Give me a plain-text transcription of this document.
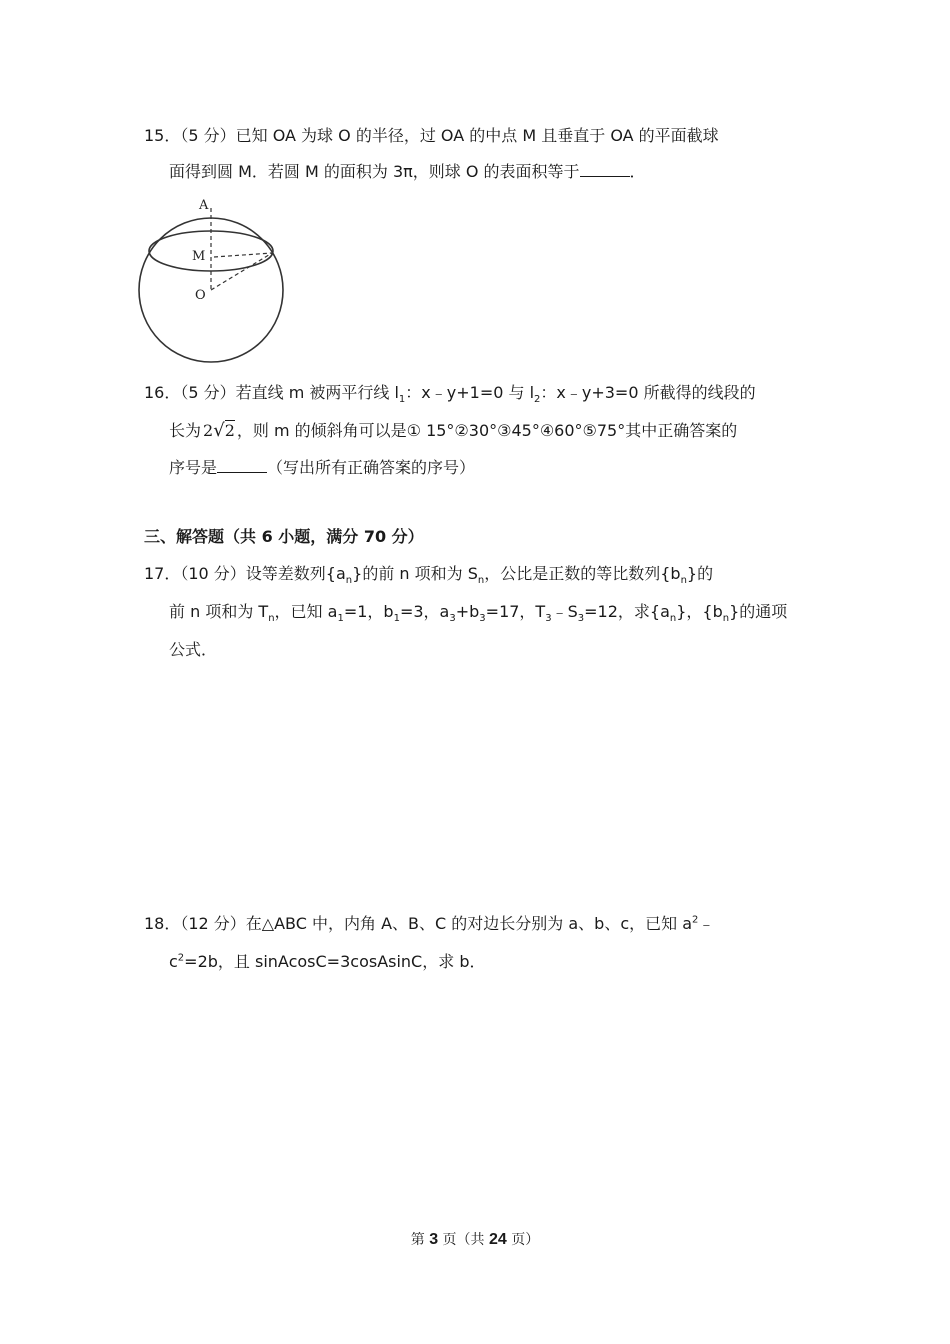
15．（5 分）已知 OA 为球 O 的半径，过 OA 的中点 M 且垂直于 OA 的平面截球
面得到圆 M．若圆 M 的面积为 3π，则球 O 的表面积等于	．
A
M
O
16．（5 分）若直线 m 被两平行线 $l_1$：x﹣y+1=0 与 $l_2$：x﹣y+3=0 所截得的线段的
长为 2√2 ，则 m 的倾斜角可以是① 15°②30°③45°④60°⑤75°其中正确答案的
序号是	（写出所有正确答案的序号）
三、解答题（共 6 小题，满分 70 分）
17．（10 分）设等差数列$\{a_n\}$的前 n 项和为 $S_n$，公比是正数的等比数列$\{b_n\}$的
前 n 项和为 $T_n$，已知 $a_1=1$，$b_1=3$，$a_3+b_3=17$，$T_3﹣S_3=12$，求$\{a_n\}$，$\{b_n\}$的通项
公式．
18．（12 分）在△ABC 中，内角 A、B、C 的对边长分别为 a、b、c，已知 $a^2﹣$
$c^2=2b$，且 sinAcosC=3cosAsinC，求 b．
第 3 页（共 24 页）
